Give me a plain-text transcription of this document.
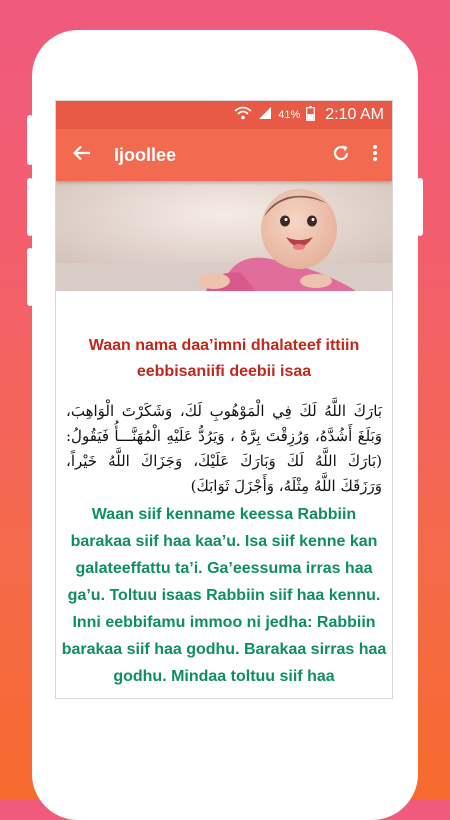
41% 2:10 AM
Ijoollee
Waan nama daa’imni dhalateef ittiin eebbisaniifi deebii isaa

بَارَكَ اللَّهُ لَكَ فِي الْمَوْهُوبِ لَكَ، وَشَكَرْتَ الْوَاهِبَ، وَبَلَغَ أَشُدَّهُ، وَرُزِقْتَ بِرَّهُ ، وَيَرُدُّ عَلَيْهِ الْمُهَنَّـــأُ فَيَقُولُ: (بَارَكَ اللَّهُ لَكَ وَبَارَكَ عَلَيْكَ، وَجَزَاكَ اللَّهُ خَيْراً، وَرَزَقَكَ اللَّهُ مِثْلَهُ، وَأَجْزَلَ ثَوَابَكَ)

Waan siif kenname keessa Rabbiin barakaa siif haa kaa’u. Isa siif kenne kan galateeffattu ta’i. Ga’eessuma irras haa ga’u. Toltuu isaas Rabbiin siif haa kennu. Inni eebbifamu immoo ni jedha: Rabbiin barakaa siif haa godhu. Barakaa sirras haa godhu. Mindaa toltuu siif haa
